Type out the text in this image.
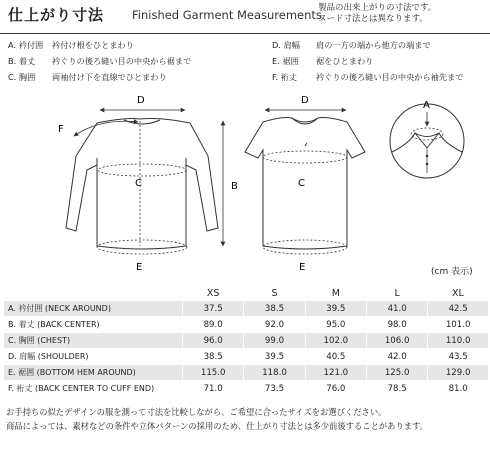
仕上がり寸法 Finished Garment Measurements
製品の出来上がりの寸法です。
ヌード寸法とは異なります。
A. 衿付囲 衿付け根をひとまわり
B. 着丈 衿ぐりの後ろ縫い目の中央から裾まで
C. 胸囲 両袖付け下を直線でひとまわり
D. 肩幅 肩の一方の端から他方の端まで
E. 裾囲 裾をひとまわり
F. 裄丈 衿ぐりの後ろ縫い目の中央から袖先まで
D
F
C
E
B
D
C
E
A
(cm 表示)
	XS	S	M	L	XL
A. 衿付囲 (NECK AROUND)	37.5	38.5	39.5	41.0	42.5
B. 着丈 (BACK CENTER)	89.0	92.0	95.0	98.0	101.0
C. 胸囲 (CHEST)	96.0	99.0	102.0	106.0	110.0
D. 肩幅 (SHOULDER)	38.5	39.5	40.5	42.0	43.5
E. 裾囲 (BOTTOM HEM AROUND)	115.0	118.0	121.0	125.0	129.0
F. 裄丈 (BACK CENTER TO CUFF END)	71.0	73.5	76.0	78.5	81.0
お手持ちの似たデザインの服を測って寸法を比較しながら、ご希望に合ったサイズをお選びください。
商品によっては、素材などの条件や立体パターンの採用のため、仕上がり寸法とは多少前後することがあります。
